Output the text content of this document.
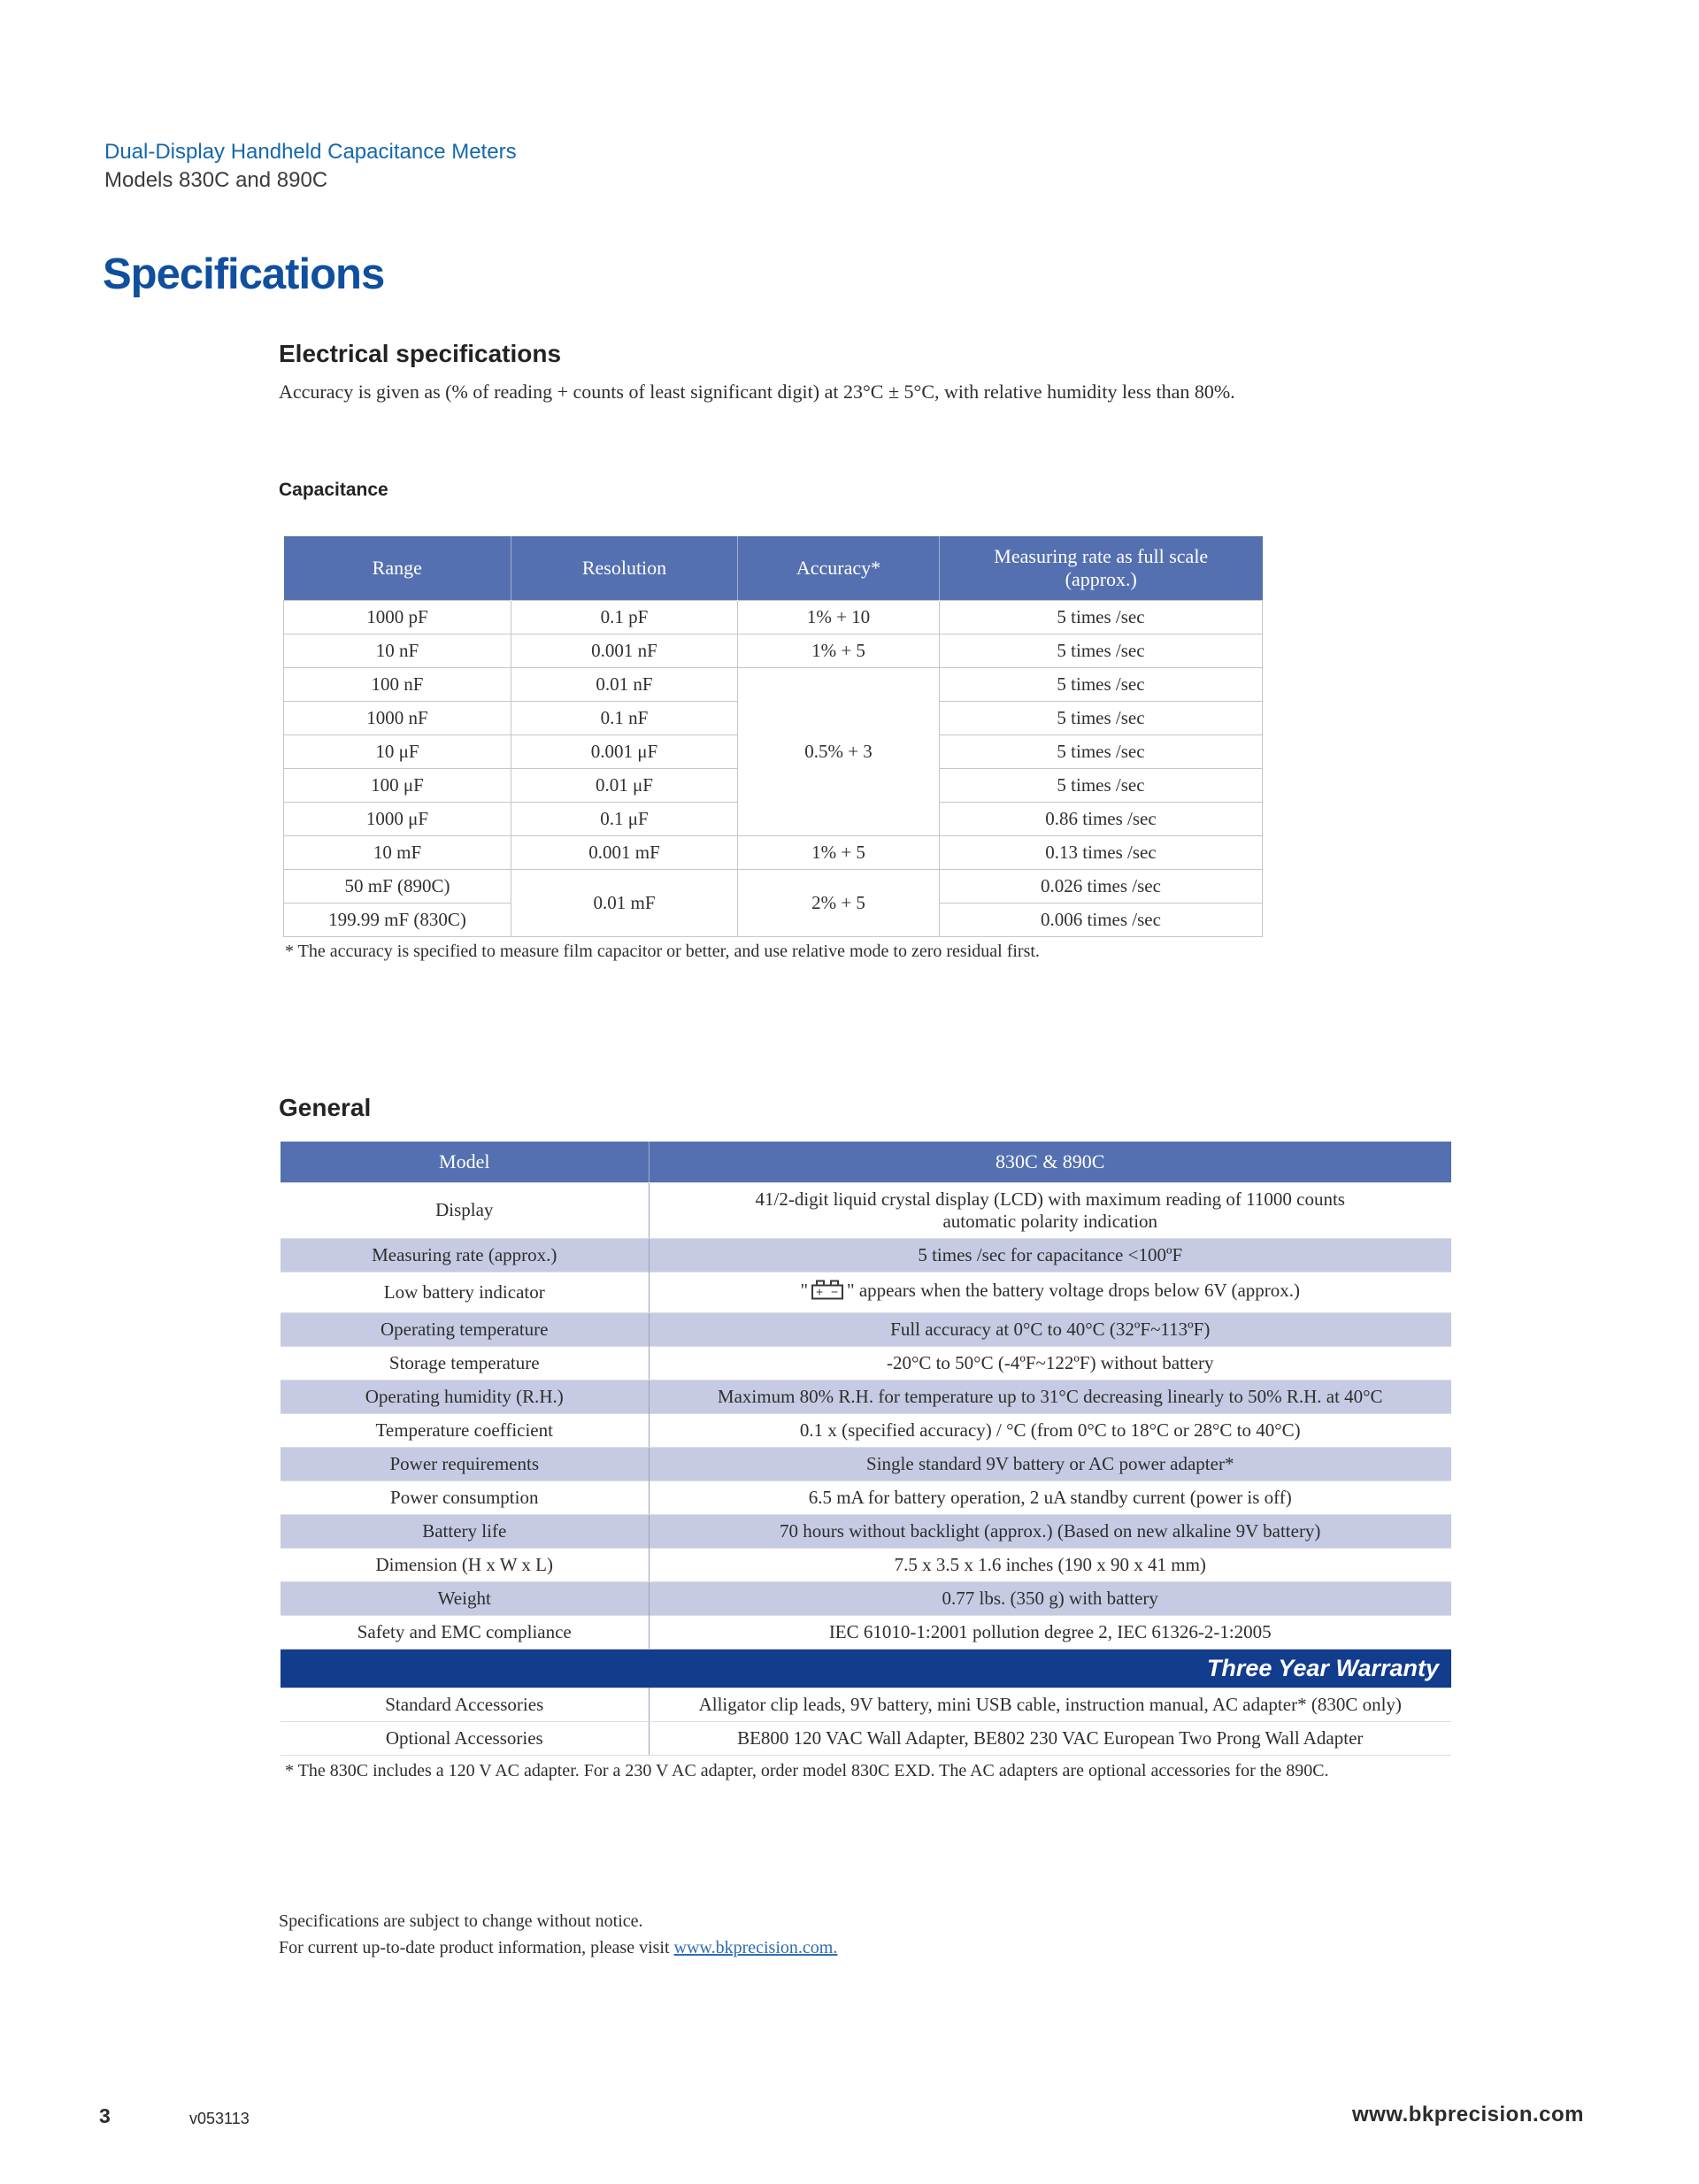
Dual-Display Handheld Capacitance Meters
Models 830C and 890C
Specifications
Electrical specifications

Accuracy is given as (% of reading + counts of least significant digit) at 23°C ± 5°C, with relative humidity less than 80%.

Capacitance
Range	Resolution	Accuracy*	Measuring rate as full scale
(approx.)
1000 pF	0.1 pF	1% + 10	5 times /sec
10 nF	0.001 nF	1% + 5	5 times /sec
100 nF	0.01 nF	0.5% + 3	5 times /sec
1000 nF	0.1 nF		5 times /sec
10 μF	0.001 μF		5 times /sec
100 μF	0.01 μF		5 times /sec
1000 μF	0.1 μF		0.86 times /sec
10 mF	0.001 mF	1% + 5	0.13 times /sec
50 mF (890C)	0.01 mF	2% + 5	0.026 times /sec
199.99 mF (830C)			0.006 times /sec

* The accuracy is specified to measure film capacitor or better, and use relative mode to zero residual first.

General
Model	830C & 890C
Display	41/2-digit liquid crystal display (LCD) with maximum reading of 11000 counts
automatic polarity indication
Measuring rate (approx.)	5 times /sec for capacitance <100ºF
Low battery indicator	" + − " appears when the battery voltage drops below 6V (approx.)
Operating temperature	Full accuracy at 0°C to 40°C (32ºF~113ºF)
Storage temperature	-20°C to 50°C (-4ºF~122ºF) without battery
Operating humidity (R.H.)	Maximum 80% R.H. for temperature up to 31°C decreasing linearly to 50% R.H. at 40°C
Temperature coefficient	0.1 x (specified accuracy) / °C (from 0°C to 18°C or 28°C to 40°C)
Power requirements	Single standard 9V battery or AC power adapter*
Power consumption	6.5 mA for battery operation, 2 uA standby current (power is off)
Battery life	70 hours without backlight (approx.) (Based on new alkaline 9V battery)
Dimension (H x W x L)	7.5 x 3.5 x 1.6 inches (190 x 90 x 41 mm)
Weight	0.77 lbs. (350 g) with battery
Safety and EMC compliance	IEC 61010-1:2001 pollution degree 2, IEC 61326-2-1:2005
Three Year Warranty	
Standard Accessories	Alligator clip leads, 9V battery, mini USB cable, instruction manual, AC adapter* (830C only)
Optional Accessories	BE800 120 VAC Wall Adapter, BE802 230 VAC European Two Prong Wall Adapter

* The 830C includes a 120 V AC adapter. For a 230 V AC adapter, order model 830C EXD. The AC adapters are optional accessories for the 890C.

Specifications are subject to change without notice.
For current up-to-date product information, please visit www.bkprecision.com.

3	v053113	www.bkprecision.com
